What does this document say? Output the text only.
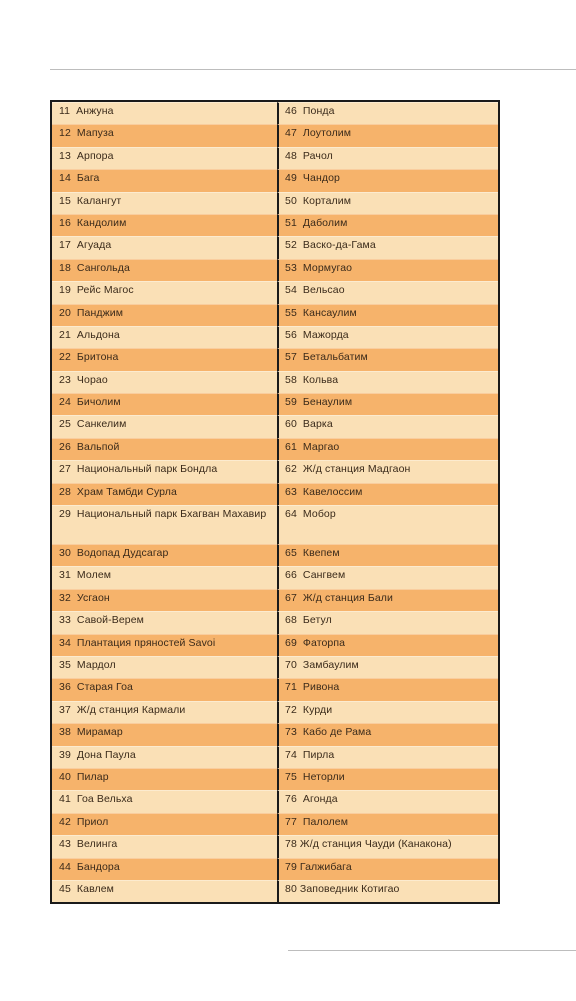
11  Анжуна	46  Понда
12  Мапуза	47  Лоутолим
13  Арпора	48  Рачол
14  Бага	49  Чандор
15  Калангут	50  Корталим
16  Кандолим	51  Даболим
17  Агуада	52  Васко-да-Гама
18  Сангольда	53  Мормугао
19  Рейс Магос	54  Вельсао
20  Панджим	55  Кансаулим
21  Альдона	56  Мажорда
22  Бритона	57  Бетальбатим
23  Чорао	58  Кольва
24  Бичолим	59  Бенаулим
25  Санкелим	60  Варка
26  Вальпой	61  Маргао
27  Национальный парк Бондла	62  Ж/д станция Мадгаон
28  Храм Тамбди Сурла	63  Кавелоссим
29  Национальный парк Бхагван Махавир 64  Мобор
30  Водопад Дудсагар	65  Квепем
31  Молем	66  Сангвем
32  Усгаон	67  Ж/д станция Бали
33  Савой-Верем	68  Бетул
34  Плантация пряностей Savoi	69  Фаторпа
35  Мардол	70  Замбаулим
36  Старая Гоа	71  Ривона
37  Ж/д станция Кармали	72  Курди
38  Мирамар	73  Кабо де Рама
39  Дона Паула	74  Пирла
40  Пилар	75  Неторли
41  Гоа Вельха	76  Агонда
42  Приол	77  Палолем
43  Велинга	78 Ж/д станция Чауди (Канакона)
44  Бандора	79 Галжибага
45  Кавлем	80 Заповедник Котигао
